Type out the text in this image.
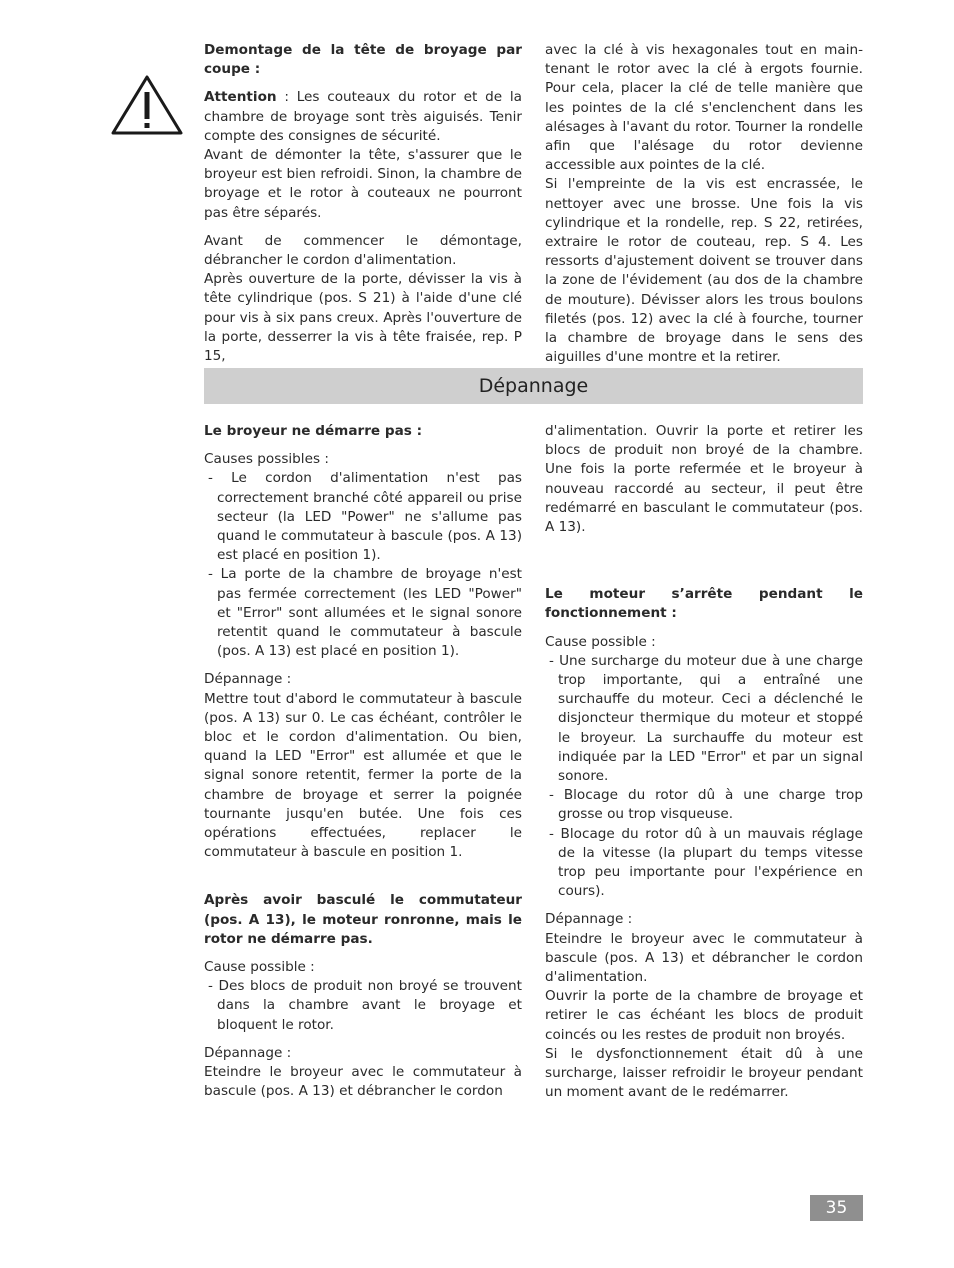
Demontage de la tête de broyage par coupe :

Attention : Les couteaux du rotor et de la chambre de broyage sont très aiguisés. Tenir compte des consignes de sécurité.

Avant de démonter la tête, s'assurer que le broyeur est bien refroidi. Sinon, la chambre de broyage et le rotor à couteaux ne pourront pas être séparés.

Avant de commencer le démontage, débrancher le cordon d'alimentation.

Après ouverture de la porte, dévisser la vis à tête cylindrique (pos. S 21) à l'aide d'une clé pour vis à six pans creux. Après l'ouverture de la porte, desserrer la vis à tête fraisée, rep. P 15,

avec la clé à vis hexagonales tout en main- tenant le rotor avec la clé à ergots fournie. Pour cela, placer la clé de telle manière que les pointes de la clé s'enclenchent dans les alésages à l'avant du rotor. Tourner la rondelle afin que l'alésage du rotor devienne accessible aux pointes de la clé.

Si l'empreinte de la vis est encrassée, le nettoyer avec une brosse. Une fois la vis cylindrique et la rondelle, rep. S 22, retirées, extraire le rotor de couteau, rep. S 4. Les ressorts d'ajustement doivent se trouver dans la zone de l'évidement (au dos de la chambre de mouture). Dévisser alors les trous boulons filetés (pos. 12) avec la clé à fourche, tourner la chambre de broyage dans le sens des aiguilles d'une montre et la retirer.

Dépannage

Le broyeur ne démarre pas :

Causes possibles :

- Le cordon d'alimentation n'est pas correctement branché côté appareil ou prise secteur (la LED "Power" ne s'allume pas quand le commutateur à bascule (pos. A 13) est placé en position 1).
- La porte de la chambre de broyage n'est pas fermée correctement (les LED "Power" et "Error" sont allumées et le signal sonore retentit quand le commutateur à bascule (pos. A 13) est placé en position 1).

Dépannage :

Mettre tout d'abord le commutateur à bascule (pos. A 13) sur 0. Le cas échéant, contrôler le bloc et le cordon d'alimentation. Ou bien, quand la LED "Error" est allumée et que le signal sonore retentit, fermer la porte de la chambre de broyage et serrer la poignée tournante jusqu'en butée. Une fois ces opérations effectuées, replacer le commutateur à bascule en position 1.

Après avoir basculé le commutateur (pos. A 13), le moteur ronronne, mais le rotor ne démarre pas.

Cause possible :

- Des blocs de produit non broyé se trouvent dans la chambre avant le broyage et bloquent le rotor.

Dépannage :

Eteindre le broyeur avec le commutateur à bascule (pos. A 13) et débrancher le cordon

d'alimentation. Ouvrir la porte et retirer les blocs de produit non broyé de la chambre. Une fois la porte refermée et le broyeur à nouveau raccordé au secteur, il peut être redémarré en basculant le commutateur (pos. A 13).

Le moteur s’arrête pendant le fonctionnement :

Cause possible :

- Une surcharge du moteur due à une charge trop importante, qui a entraîné une surchauffe du moteur. Ceci a déclenché le disjoncteur thermique du moteur et stoppé le broyeur. La surchauffe du moteur est indiquée par la LED "Error" et par un signal sonore.
- Blocage du rotor dû à une charge trop grosse ou trop visqueuse.
- Blocage du rotor dû à un mauvais réglage de la vitesse (la plupart du temps vitesse trop peu importante pour l'expérience en cours).

Dépannage :

Eteindre le broyeur avec le commutateur à bascule (pos. A 13) et débrancher le cordon d'alimentation.

Ouvrir la porte de la chambre de broyage et retirer le cas échéant les blocs de produit coincés ou les restes de produit non broyés.

Si le dysfonctionnement était dû à une surcharge, laisser refroidir le broyeur pendant un moment avant de le redémarrer.

35
